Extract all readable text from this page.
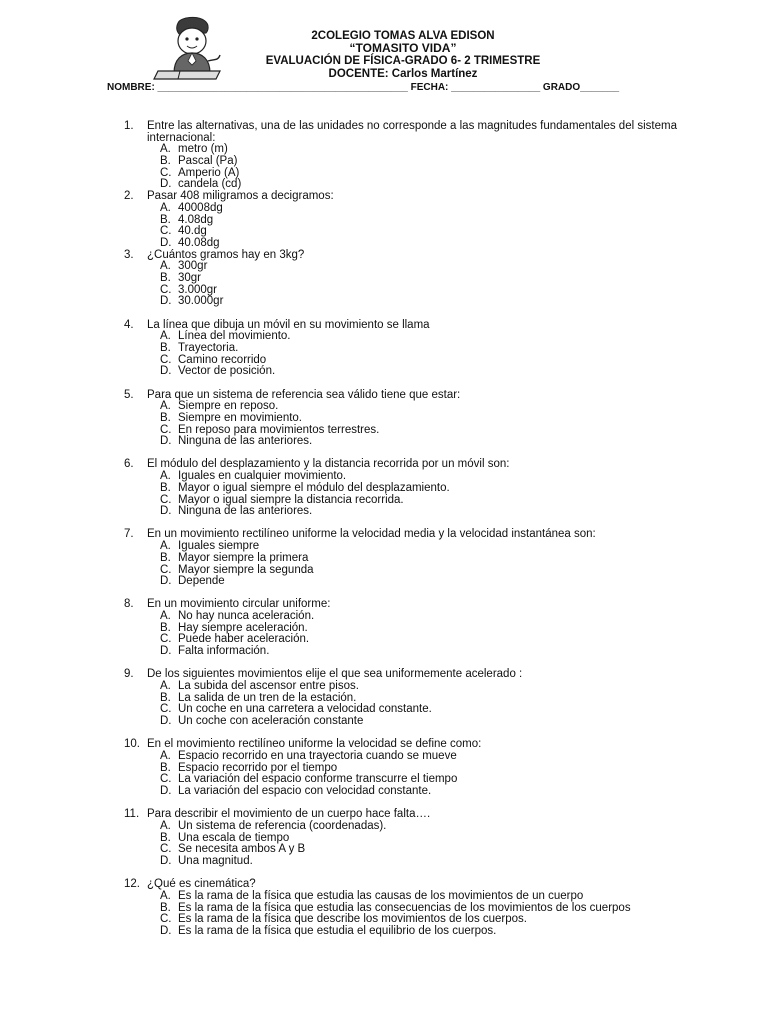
2COLEGIO TOMAS ALVA EDISON
“TOMASITO VIDA”
EVALUACIÓN DE FÍSICA-GRADO 6- 2 TRIMESTRE
DOCENTE: Carlos Martínez
NOMBRE: _____________________________________________ FECHA: ________________ GRADO_______
1. Entre las alternativas, una de las unidades no corresponde a las magnitudes fundamentales del sistema internacional:
A. metro (m)
B. Pascal (Pa)
C. Amperio (A)
D. candela (cd)
2. Pasar 408 miligramos a decigramos:
A. 40008dg
B. 4.08dg
C. 40.dg
D. 40.08dg
3. ¿Cuántos gramos hay en 3kg?
A. 300gr
B. 30gr
C. 3.000gr
D. 30.000gr
4. La línea que dibuja un móvil en su movimiento se llama
A. Línea del movimiento.
B. Trayectoria.
C. Camino recorrido
D. Vector de posición.
5. Para que un sistema de referencia sea válido tiene que estar:
A. Siempre en reposo.
B. Siempre en movimiento.
C. En reposo para movimientos terrestres.
D. Ninguna de las anteriores.
6. El módulo del desplazamiento y la distancia recorrida por un móvil son:
A. Iguales en cualquier movimiento.
B. Mayor o igual siempre el módulo del desplazamiento.
C. Mayor o igual siempre la distancia recorrida.
D. Ninguna de las anteriores.
7. En un movimiento rectilíneo uniforme la velocidad media y la velocidad instantánea son:
A. Iguales siempre
B. Mayor siempre la primera
C. Mayor siempre la segunda
D. Depende
8. En un movimiento circular uniforme:
A. No hay nunca aceleración.
B. Hay siempre aceleración.
C. Puede haber aceleración.
D. Falta información.
9. De los siguientes movimientos elije el que sea uniformemente acelerado :
A. La subida del ascensor entre pisos.
B. La salida de un tren de la estación.
C. Un coche en una carretera a velocidad constante.
D. Un coche con aceleración constante
10. En el movimiento rectilíneo uniforme la velocidad se define como:
A. Espacio recorrido en una trayectoria cuando se mueve
B. Espacio recorrido por el tiempo
C. La variación del espacio conforme transcurre el tiempo
D. La variación del espacio con velocidad constante.
11. Para describir el movimiento de un cuerpo hace falta….
A. Un sistema de referencia (coordenadas).
B. Una escala de tiempo
C. Se necesita ambos A y B
D. Una magnitud.
12. ¿Qué es cinemática?
A. Es la rama de la física que estudia las causas de los movimientos de un cuerpo
B. Es la rama de la física que estudia las consecuencias de los movimientos de los cuerpos
C. Es la rama de la física que describe los movimientos de los cuerpos.
D. Es la rama de la física que estudia el equilibrio de los cuerpos.
